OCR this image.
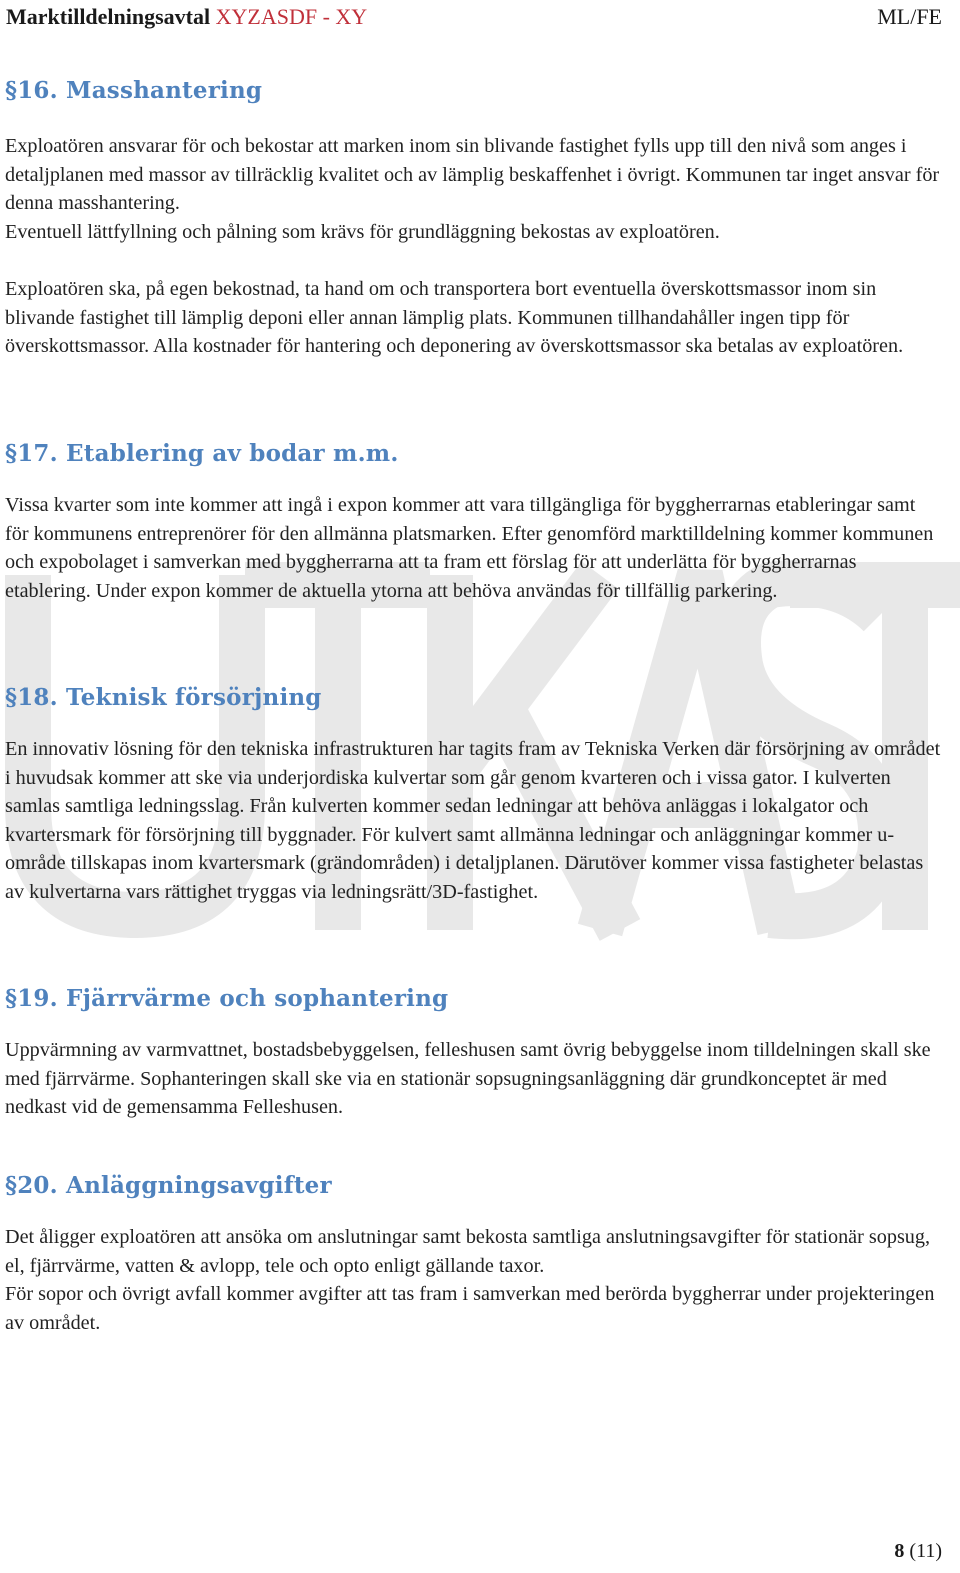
Marktilldelningsavtal XYZASDF - XY	ML/FE
§16. Masshantering

Exploatören ansvarar för och bekostar att marken inom sin blivande fastighet fylls upp till den nivå som anges i detaljplanen med massor av tillräcklig kvalitet och av lämplig beskaffenhet i övrigt. Kommunen tar inget ansvar för denna masshantering.

Eventuell lättfyllning och pålning som krävs för grundläggning bekostas av exploatören.

Exploatören ska, på egen bekostnad, ta hand om och transportera bort eventuella överskottsmassor inom sin blivande fastighet till lämplig deponi eller annan lämplig plats. Kommunen tillhandahåller ingen tipp för överskottsmassor. Alla kostnader för hantering och deponering av överskottsmassor ska betalas av exploatören.

§17. Etablering av bodar m.m.

Vissa kvarter som inte kommer att ingå i expon kommer att vara tillgängliga för byggherrarnas etableringar samt för kommunens entreprenörer för den allmänna platsmarken. Efter genomförd marktilldelning kommer kommunen och expobolaget i samverkan med byggherrarna att ta fram ett förslag för att underlätta för byggherrarnas etablering. Under expon kommer de aktuella ytorna att behöva användas för tillfällig parkering.

§18. Teknisk försörjning

En innovativ lösning för den tekniska infrastrukturen har tagits fram av Tekniska Verken där försörjning av området i huvudsak kommer att ske via underjordiska kulvertar som går genom kvarteren och i vissa gator. I kulverten samlas samtliga ledningsslag. Från kulverten kommer sedan ledningar att behöva anläggas i lokalgator och kvartersmark för försörjning till byggnader. För kulvert samt allmänna ledningar och anläggningar kommer u-område tillskapas inom kvartersmark (grändområden) i detaljplanen. Därutöver kommer vissa fastigheter belastas av kulvertarna vars rättighet tryggas via ledningsrätt/3D-fastighet.

§19. Fjärrvärme och sophantering

Uppvärmning av varmvattnet, bostadsbebyggelsen, felleshusen samt övrig bebyggelse inom tilldelningen skall ske med fjärrvärme. Sophanteringen skall ske via en stationär sopsugningsanläggning där grundkonceptet är med nedkast vid de gemensamma Felleshusen.

§20. Anläggningsavgifter

Det åligger exploatören att ansöka om anslutningar samt bekosta samtliga anslutningsavgifter för stationär sopsug, el, fjärrvärme, vatten & avlopp, tele och opto enligt gällande taxor.

För sopor och övrigt avfall kommer avgifter att tas fram i samverkan med berörda byggherrar under projekteringen av området.

8 (11)
